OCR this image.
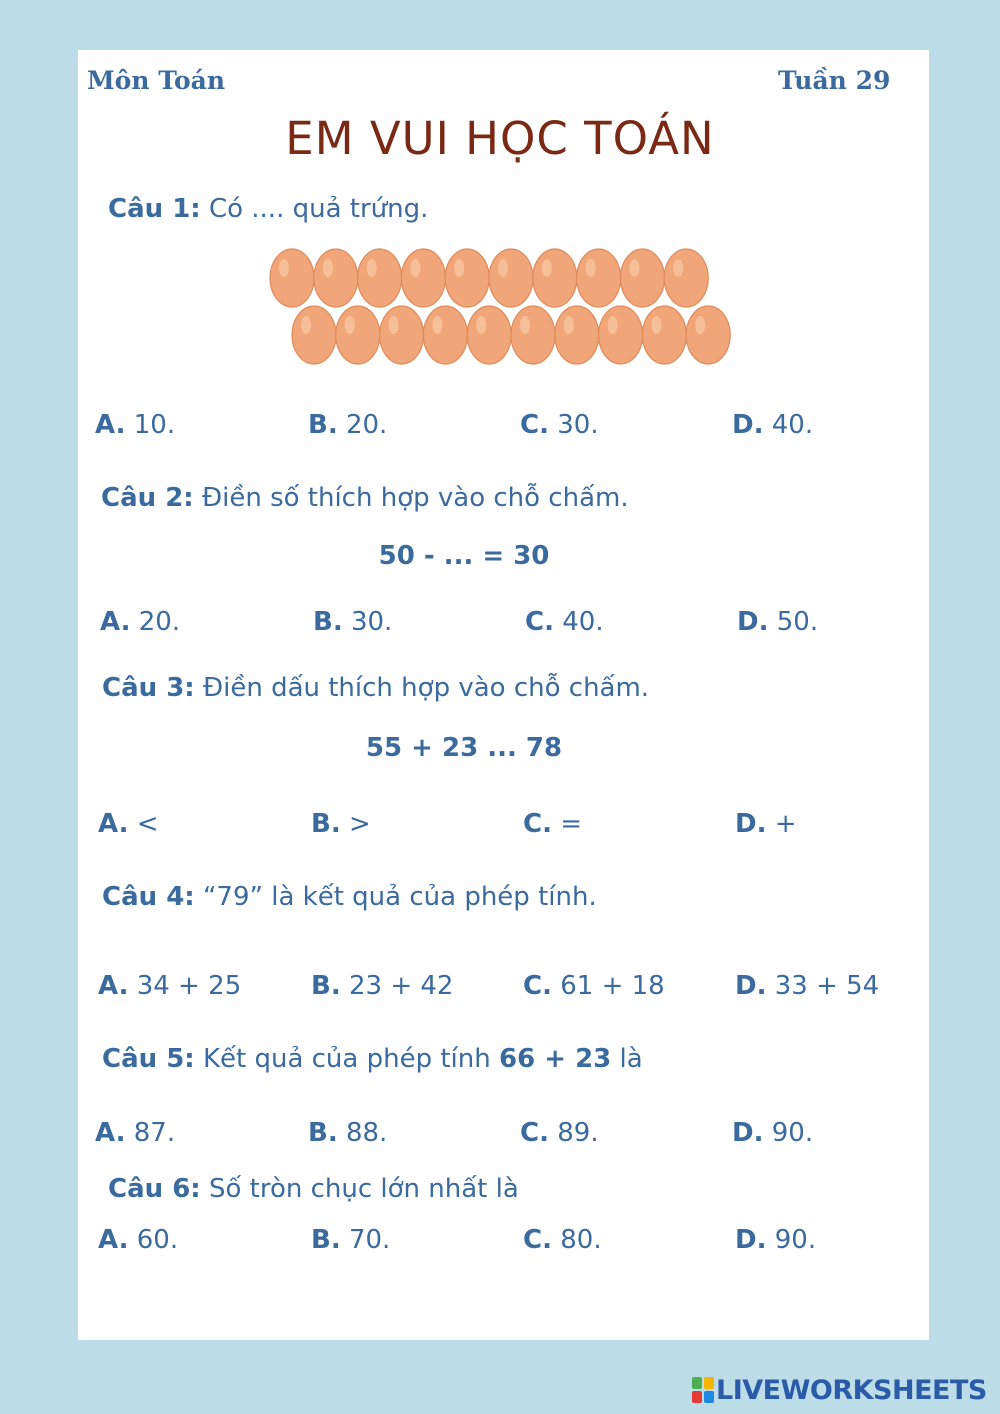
Môn Toán	Tuần 29
EM VUI HỌC TOÁN
Câu 1: Có .... quả trứng.
A. 10.	B. 20.	C. 30.	D. 40.
Câu 2: Điền số thích hợp vào chỗ chấm.
50 - ... = 30
A. 20.	B. 30.	C. 40.	D. 50.
Câu 3: Điền dấu thích hợp vào chỗ chấm.
55 + 23 ... 78
A. <	B. >	C. =	D. +
Câu 4: “79” là kết quả của phép tính.
A. 34 + 25	B. 23 + 42	C. 61 + 18	D. 33 + 54
Câu 5: Kết quả của phép tính 66 + 23 là
A. 87.	B. 88.	C. 89.	D. 90.
Câu 6: Số tròn chục lớn nhất là
A. 60.	B. 70.	C. 80.	D. 90.
LIVEWORKSHEETS
